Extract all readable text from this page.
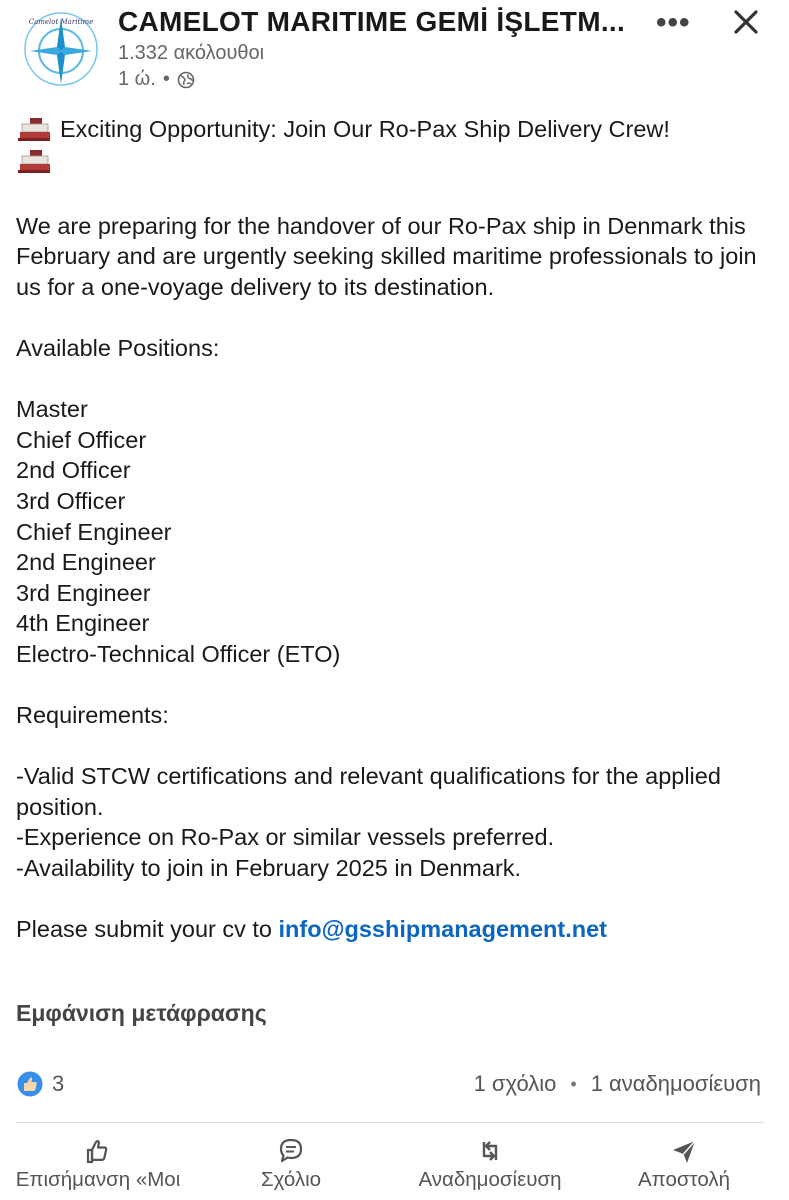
Camelot Maritime CAMELOT MARITIME GEMİ İŞLETM...
1.332 ακόλουθοι
1 ώ. •
•••

Exciting Opportunity: Join Our Ro-Pax Ship Delivery Crew!

We are preparing for the handover of our Ro-Pax ship in Denmark this February and are urgently seeking skilled maritime professionals to join us for a one-voyage delivery to its destination.

Available Positions:

Master

Chief Officer

2nd Officer

3rd Officer

Chief Engineer

2nd Engineer

3rd Engineer

4th Engineer

Electro-Technical Officer (ETO)

Requirements:

-Valid STCW certifications and relevant qualifications for the applied position.

-Experience on Ro-Pax or similar vessels preferred.

-Availability to join in February 2025 in Denmark.

Please submit your cv to info@gsshipmanagement.net

Εμφάνιση μετάφρασης
3	1 σχόλιο • 1 αναδημοσίευση
Επισήμανση «Μοι	Σχόλιο	Αναδημοσίευση	Αποστολή
